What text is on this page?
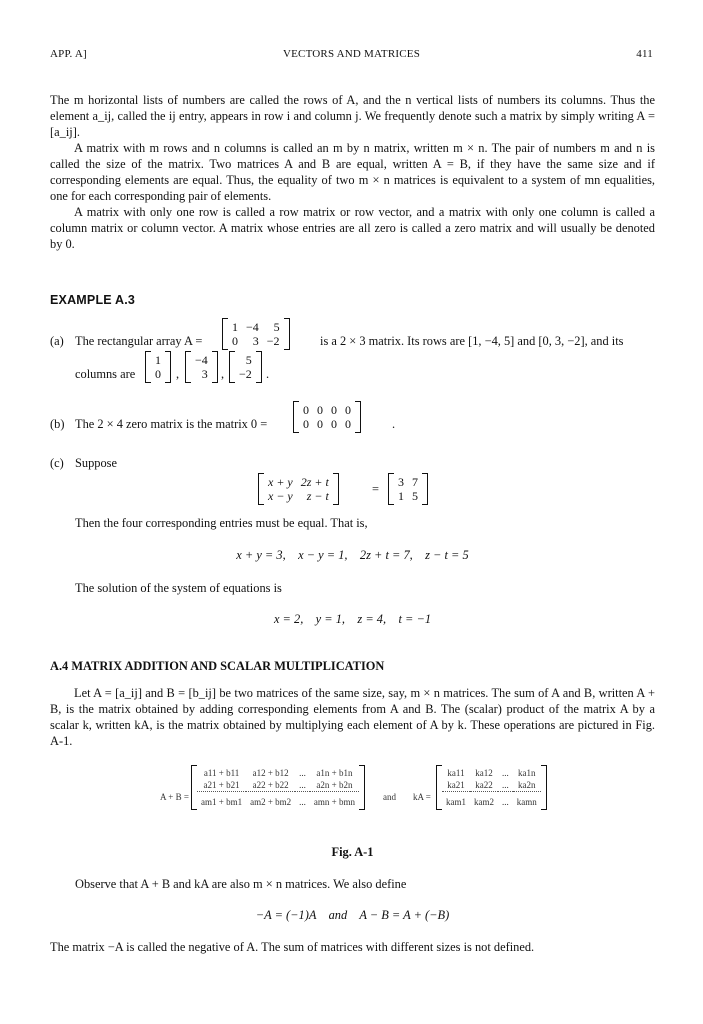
APP. A]	VECTORS AND MATRICES	411

The m horizontal lists of numbers are called the rows of A, and the n vertical lists of numbers its columns. Thus the element a_ij, called the ij entry, appears in row i and column j. We frequently denote such a matrix by simply writing A = [a_ij].

A matrix with m rows and n columns is called an m by n matrix, written m × n. The pair of numbers m and n is called the size of the matrix. Two matrices A and B are equal, written A = B, if they have the same size and if corresponding elements are equal. Thus, the equality of two m × n matrices is equivalent to a system of mn equalities, one for each corresponding pair of elements.

A matrix with only one row is called a row matrix or row vector, and a matrix with only one column is called a column matrix or column vector. A matrix whose entries are all zero is called a zero matrix and will usually be denoted by 0.

EXAMPLE A.3
(a) The rectangular array A =
1	−4	5
0	3	−2	is a 2 × 3 matrix. Its rows are [1, −4, 5] and [0, 3, −2], and its
columns are
1
0 ,
−4
3 ,
5
−2 .
(b) The 2 × 4 zero matrix is the matrix 0 =
0	0	0	0
0	0	0	0	.
(c) Suppose
x + y	2z + t
x − y	z − t	= 3	7
1	5
Then the four corresponding entries must be equal. That is,
x + y = 3,    x − y = 1,    2z + t = 7,    z − t = 5
The solution of the system of equations is
x = 2,    y = 1,    z = 4,    t = −1
A.4 MATRIX ADDITION AND SCALAR MULTIPLICATION

Let A = [a_ij] and B = [b_ij] be two matrices of the same size, say, m × n matrices. The sum of A and B, written A + B, is the matrix obtained by adding corresponding elements from A and B. The (scalar) product of the matrix A by a scalar k, written kA, is the matrix obtained by multiplying each element of A by k. These operations are pictured in Fig. A-1.

A + B =
a11 + b11	a12 + b12	...	a1n + b1n
a21 + b21	a22 + b22	...	a2n + b2n

am1 + bm1	am2 + bm2	...	amn + bmn	and kA =
ka11	ka12	...	ka1n
ka21	ka22	...	ka2n

kam1	kam2	...	kamn
Fig. A-1
Observe that A + B and kA are also m × n matrices. We also define
−A = (−1)A    and    A − B = A + (−B)
The matrix −A is called the negative of A. The sum of matrices with different sizes is not defined.
